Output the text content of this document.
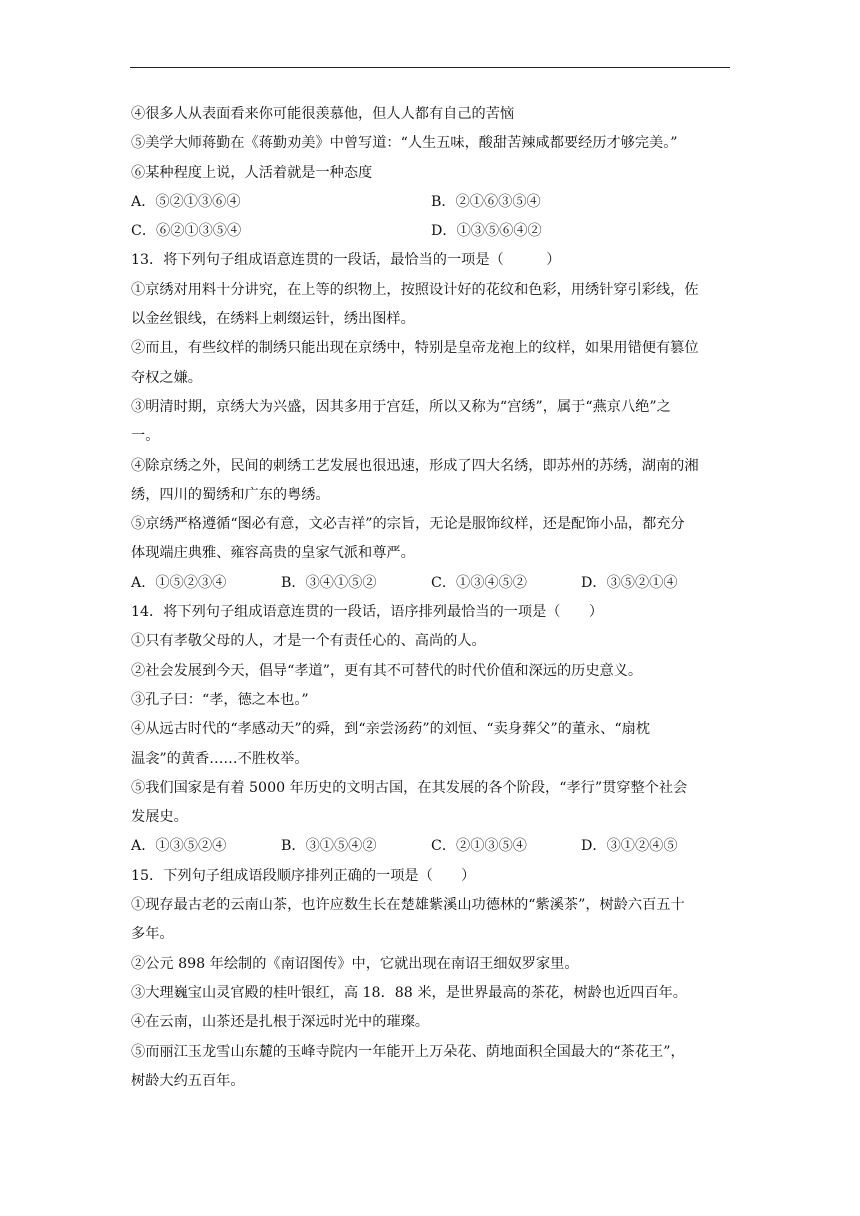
④很多人从表面看来你可能很羡慕他，但人人都有自己的苦恼
⑤美学大师蒋勤在《蒋勤劝美》中曾写道：“人生五味，酸甜苦辣咸都要经历才够完美。”
⑥某种程度上说，人活着就是一种态度
A．⑤②①③⑥④	B．②①⑥③⑤④
C．⑥②①③⑤④	D．①③⑤⑥④②
13．将下列句子组成语意连贯的一段话，最恰当的一项是（　　　）
①京绣对用料十分讲究，在上等的织物上，按照设计好的花纹和色彩，用绣针穿引彩线，佐
以金丝银线，在绣料上刺缀运针，绣出图样。
②而且，有些纹样的制绣只能出现在京绣中，特别是皇帝龙袍上的纹样，如果用错便有篡位
夺权之嫌。
③明清时期，京绣大为兴盛，因其多用于宫廷，所以又称为“宫绣”，属于“燕京八绝”之
一。
④除京绣之外，民间的刺绣工艺发展也很迅速，形成了四大名绣，即苏州的苏绣，湖南的湘
绣，四川的蜀绣和广东的粤绣。
⑤京绣严格遵循“图必有意，文必吉祥”的宗旨，无论是服饰纹样，还是配饰小品，都充分
体现端庄典雅、雍容高贵的皇家气派和尊严。
A．①⑤②③④	B．③④①⑤②	C．①③④⑤②	D．③⑤②①④
14．将下列句子组成语意连贯的一段话，语序排列最恰当的一项是（　　）
①只有孝敬父母的人，才是一个有责任心的、高尚的人。
②社会发展到今天，倡导“孝道”，更有其不可替代的时代价值和深远的历史意义。
③孔子曰：“孝，德之本也。”
④从远古时代的“孝感动天”的舜，到“亲尝汤药”的刘恒、“卖身葬父”的董永、“扇枕
温衾”的黄香……不胜枚举。
⑤我们国家是有着 5000 年历史的文明古国，在其发展的各个阶段，“孝行”贯穿整个社会
发展史。
A．①③⑤②④	B．③①⑤④②	C．②①③⑤④	D．③①②④⑤
15．下列句子组成语段顺序排列正确的一项是（　　）
①现存最古老的云南山茶，也许应数生长在楚雄紫溪山功德林的“紫溪茶”，树龄六百五十
多年。
②公元 898 年绘制的《南诏图传》中，它就出现在南诏王细奴罗家里。
③大理巍宝山灵官殿的桂叶银红，高 18．88 米，是世界最高的茶花，树龄也近四百年。
④在云南，山茶还是扎根于深远时光中的璀璨。
⑤而丽江玉龙雪山东麓的玉峰寺院内一年能开上万朵花、荫地面积全国最大的“茶花王”，
树龄大约五百年。
